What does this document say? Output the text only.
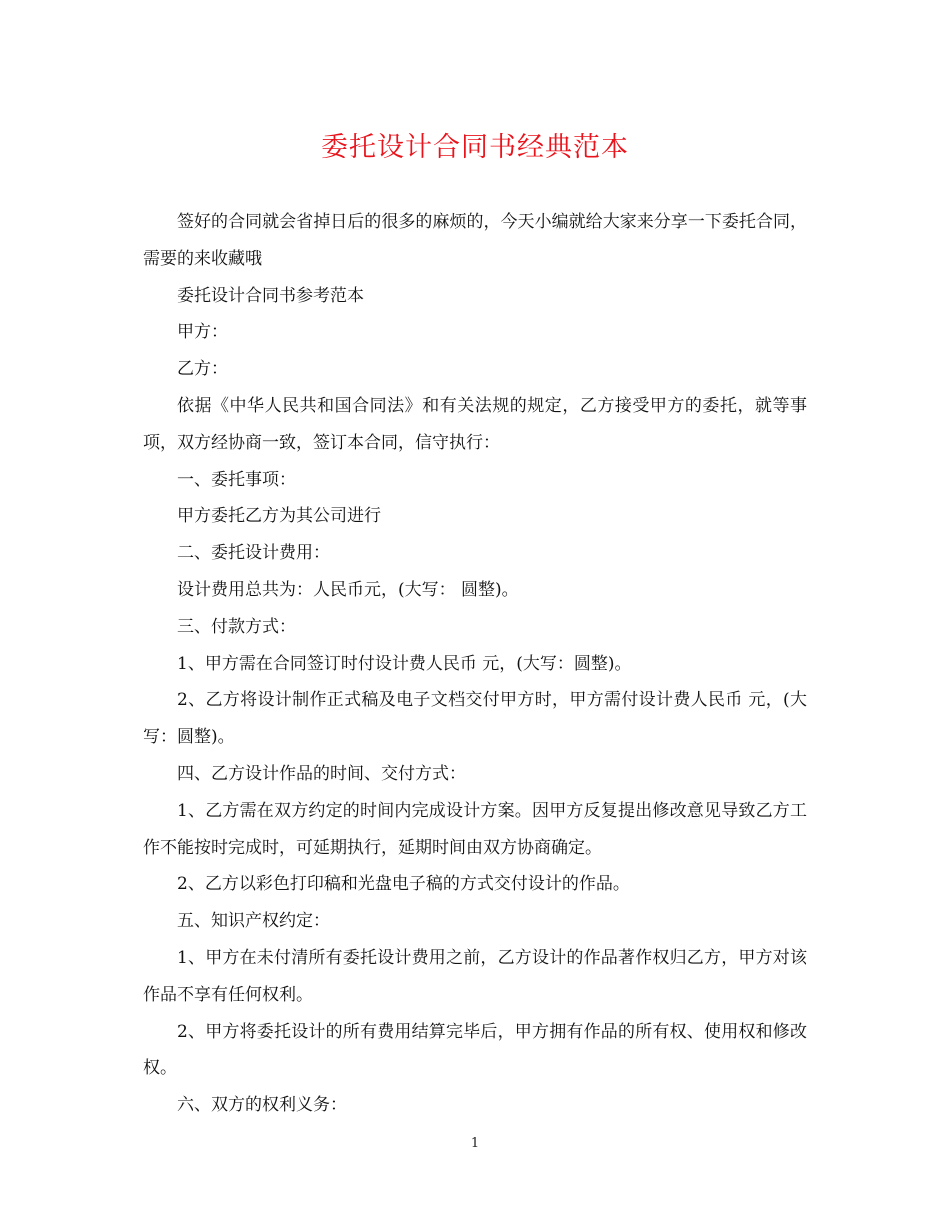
委托设计合同书经典范本

签好的合同就会省掉日后的很多的麻烦的，今天小编就给大家来分享一下委托合同，需要的来收藏哦

委托设计合同书参考范本

甲方：

乙方：

依据《中华人民共和国合同法》和有关法规的规定，乙方接受甲方的委托，就等事项，双方经协商一致，签订本合同，信守执行：

一、委托事项：

甲方委托乙方为其公司进行

二、委托设计费用：

设计费用总共为：人民币元，(大写： 圆整)。

三、付款方式：

1、甲方需在合同签订时付设计费人民币 元，(大写：圆整)。

2、乙方将设计制作正式稿及电子文档交付甲方时，甲方需付设计费人民币 元，(大写：圆整)。

四、乙方设计作品的时间、交付方式：

1、乙方需在双方约定的时间内完成设计方案。因甲方反复提出修改意见导致乙方工作不能按时完成时，可延期执行，延期时间由双方协商确定。

2、乙方以彩色打印稿和光盘电子稿的方式交付设计的作品。

五、知识产权约定：

1、甲方在未付清所有委托设计费用之前，乙方设计的作品著作权归乙方，甲方对该作品不享有任何权利。

2、甲方将委托设计的所有费用结算完毕后，甲方拥有作品的所有权、使用权和修改权。

六、双方的权利义务：

1
